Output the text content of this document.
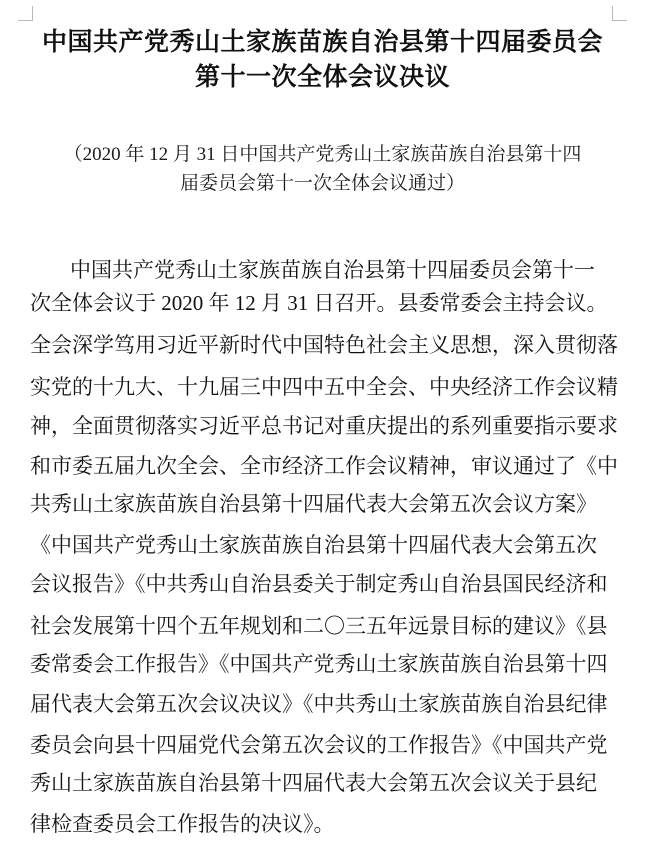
中国共产党秀山土家族苗族自治县第十四届委员会
第十一次全体会议决议
（2020 年 12 月 31 日中国共产党秀山土家族苗族自治县第十四
届委员会第十一次全体会议通过）
中国共产党秀山土家族苗族自治县第十四届委员会第十一
次全体会议于 2020 年 12 月 31 日召开。县委常委会主持会议。
全会深学笃用习近平新时代中国特色社会主义思想，深入贯彻落
实党的十九大、十九届三中四中五中全会、中央经济工作会议精
神，全面贯彻落实习近平总书记对重庆提出的系列重要指示要求
和市委五届九次全会、全市经济工作会议精神，审议通过了《中
共秀山土家族苗族自治县第十四届代表大会第五次会议方案》
《中国共产党秀山土家族苗族自治县第十四届代表大会第五次
会议报告》《中共秀山自治县委关于制定秀山自治县国民经济和
社会发展第十四个五年规划和二〇三五年远景目标的建议》《县
委常委会工作报告》《中国共产党秀山土家族苗族自治县第十四
届代表大会第五次会议决议》《中共秀山土家族苗族自治县纪律
委员会向县十四届党代会第五次会议的工作报告》《中国共产党
秀山土家族苗族自治县第十四届代表大会第五次会议关于县纪
律检查委员会工作报告的决议》。
